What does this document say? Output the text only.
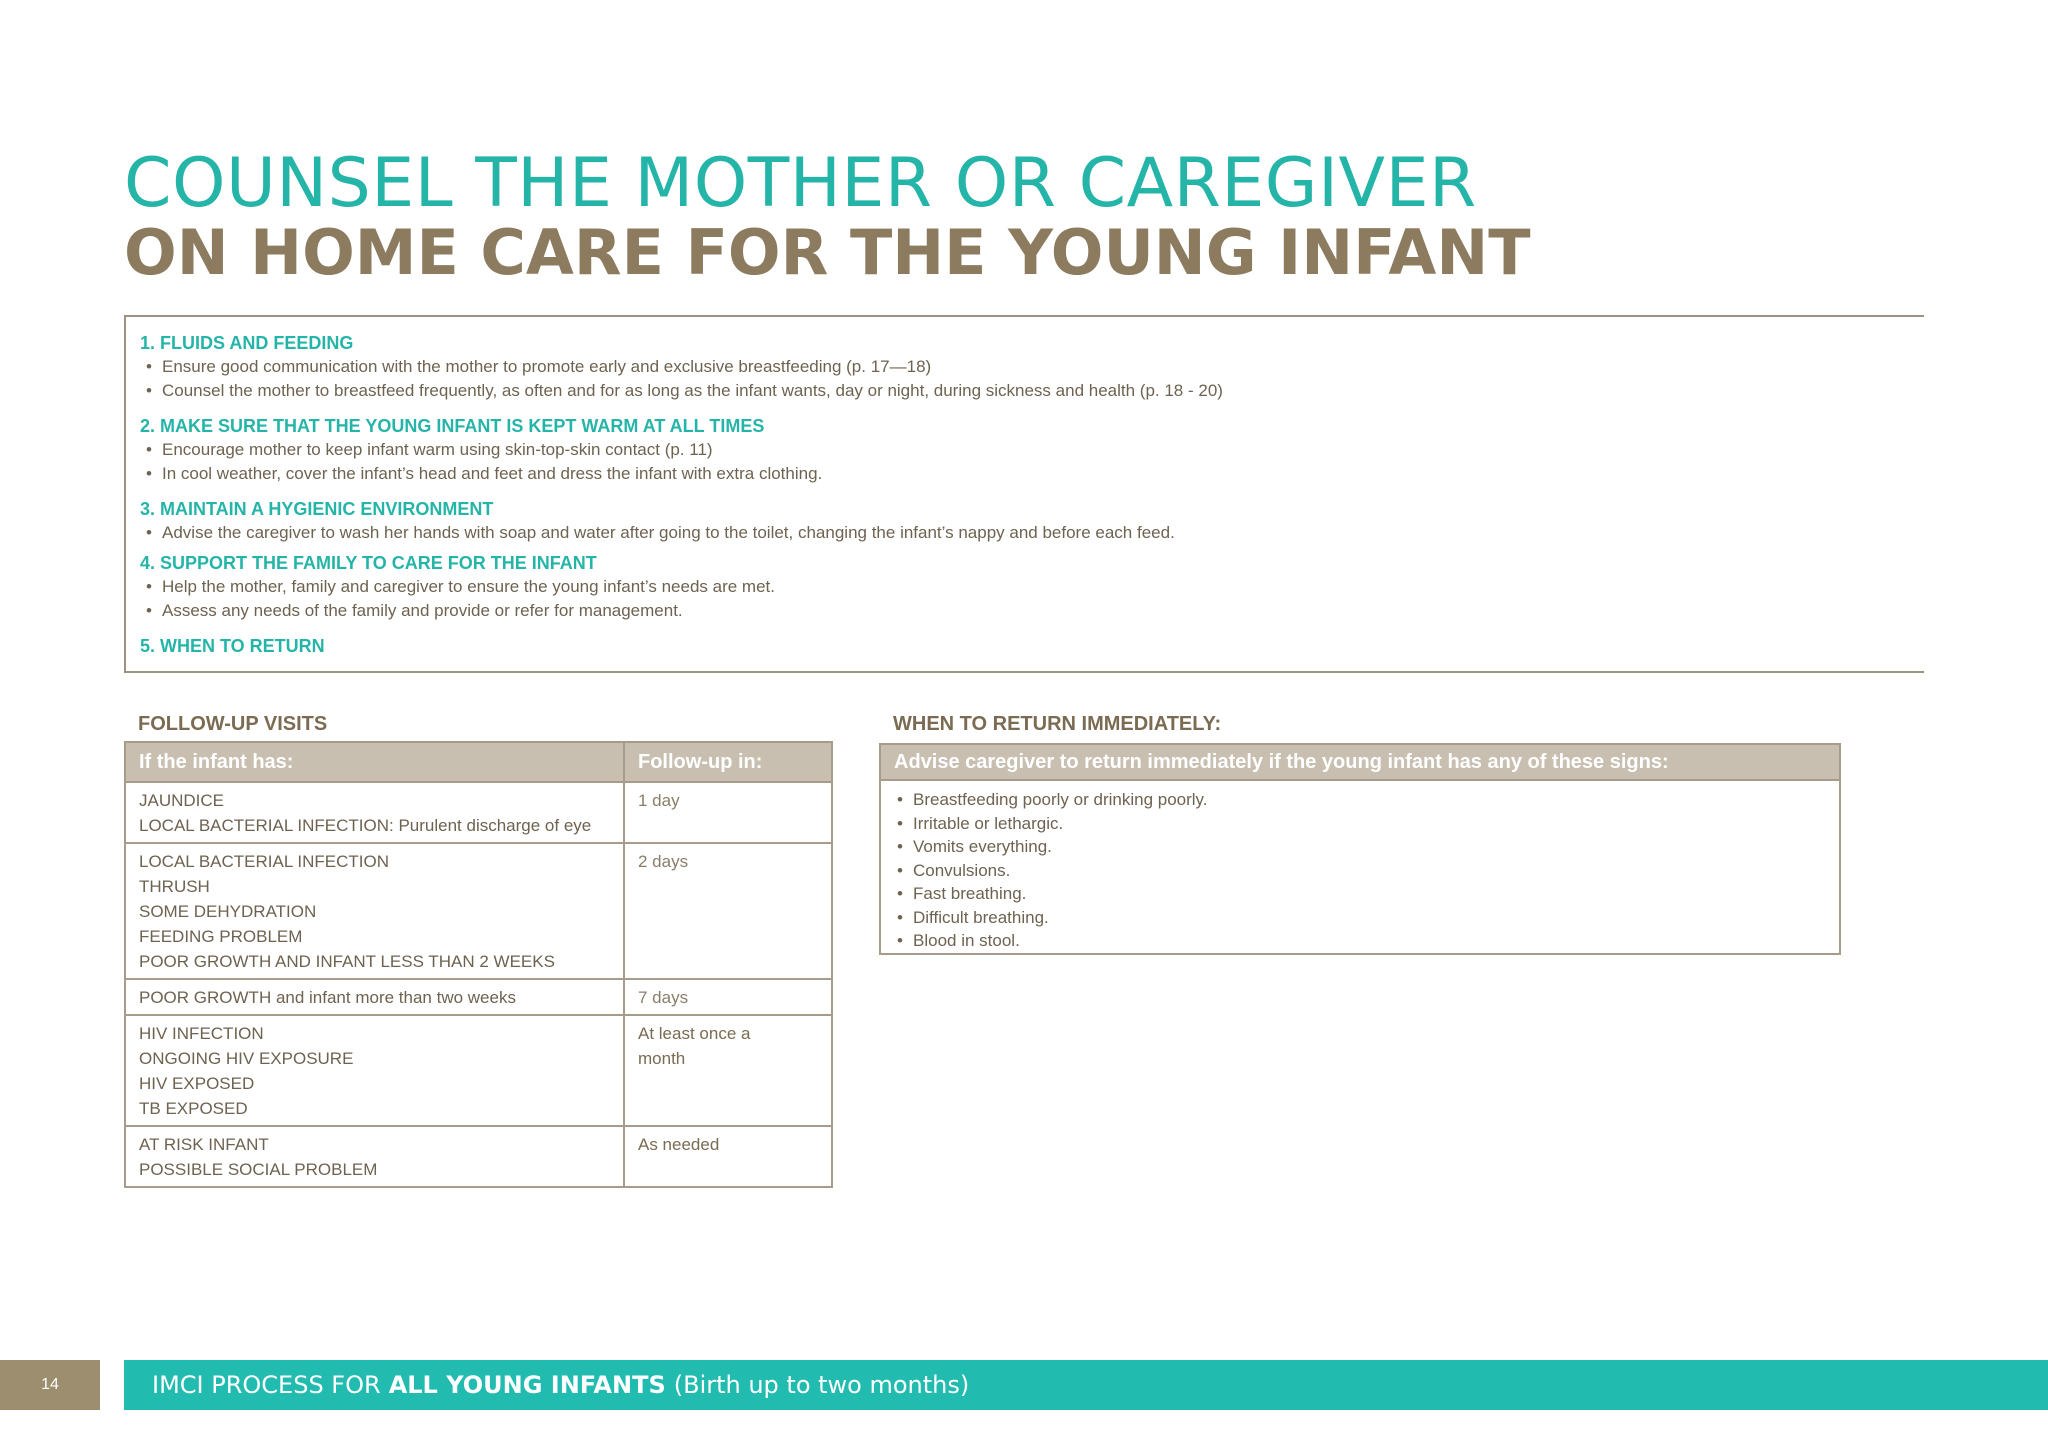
COUNSEL THE MOTHER OR CAREGIVER
ON HOME CARE FOR THE YOUNG INFANT
1. FLUIDS AND FEEDING
• Ensure good communication with the mother to promote early and exclusive breastfeeding (p. 17—18)
• Counsel the mother to breastfeed frequently, as often and for as long as the infant wants, day or night, during sickness and health (p. 18 - 20)
2. MAKE SURE THAT THE YOUNG INFANT IS KEPT WARM AT ALL TIMES
• Encourage mother to keep infant warm using skin-top-skin contact (p. 11)
• In cool weather, cover the infant’s head and feet and dress the infant with extra clothing.
3. MAINTAIN A HYGIENIC ENVIRONMENT
• Advise the caregiver to wash her hands with soap and water after going to the toilet, changing the infant’s nappy and before each feed.
4. SUPPORT THE FAMILY TO CARE FOR THE INFANT
• Help the mother, family and caregiver to ensure the young infant’s needs are met.
• Assess any needs of the family and provide or refer for management.
5. WHEN TO RETURN
FOLLOW-UP VISITS
If the infant has:	Follow-up in:

JAUNDICE
LOCAL BACTERIAL INFECTION: Purulent discharge of eye	1 day

LOCAL BACTERIAL INFECTION
THRUSH
SOME DEHYDRATION
FEEDING PROBLEM
POOR GROWTH AND INFANT LESS THAN 2 WEEKS	2 days

POOR GROWTH and infant more than two weeks	7 days

HIV INFECTION
ONGOING HIV EXPOSURE
HIV EXPOSED
TB EXPOSED	At least once a
month

AT RISK INFANT
POSSIBLE SOCIAL PROBLEM	As needed
WHEN TO RETURN IMMEDIATELY:
Advise caregiver to return immediately if the young infant has any of these signs:
• Breastfeeding poorly or drinking poorly.
• Irritable or lethargic.
• Vomits everything.
• Convulsions.
• Fast breathing.
• Difficult breathing.
• Blood in stool.
14	IMCI PROCESS FOR ALL YOUNG INFANTS (Birth up to two months)
